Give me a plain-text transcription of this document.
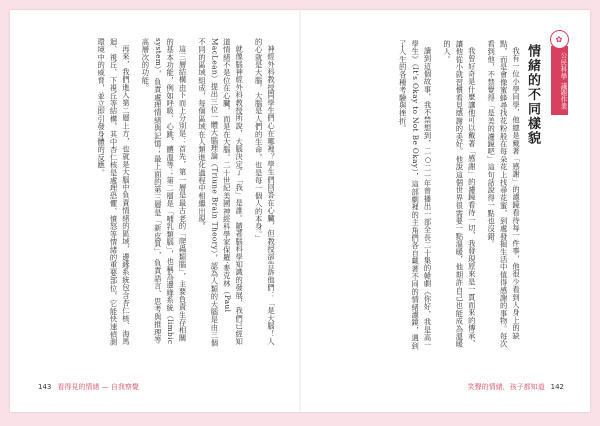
神經外科教授問學生們心在哪裡？學生們回答在心臟，但教授卻告訴他們：「是大腦！人的心就是大腦，大腦是人們的生命，也是每一個人的本身。」

就像腦神經外科教授所說，大腦決定了「我」是誰。隨著腦科學知識的發展，我們已經知道情緒不是位在心臟，而是在大腦。二十世紀美國神經科學家保羅·麥克林（Paul MacLean）提出三位一體大腦理論（Triune Brain Theory），認為人類的大腦是由三個不同的區域組成，每個區域在人類進化過程中相繼出現。

這三層結構由下而上分別是：首先，第一層是最古老的「爬蟲類腦」，主要負責生存相關的基本功能，例如呼吸、心跳、體溫等；第二層是「哺乳類腦」，也稱為邊緣系統（limbic system），負責處理情緒與記憶；最上面的第三層是「新皮質」，負責語言、思考與推理等高層次的功能。

再來，我們進入第二層上方，也就是大腦中負責情緒的區域，邊緣系統包含杏仁核、海馬迴、視丘、下視丘等結構，其中杏仁核是處理恐懼、憤怒等情緒的重要部位，它能快速偵測環境中的威脅，並立即引發身體的反應。

143 看得見的情緒 — 自我察覺
✿
公民科學 議題作業
情緒的不同樣貌

我有一位小學同學，他總是戴著「感謝」的濾鏡看待每一件事，他很少看到人身上的缺點，而是會像蜜蜂尋找花粉般在每朵花上找尋花蜜，到處發掘生活中值得感謝的事物。每次看到他，不禁覺得「是美的濾鏡吧」這句話說得一點也沒錯。

我曾好奇是什麼讓他可以戴著「感謝」的濾鏡看待一切，我發現原來是一貫而來的傳承，讓他從小就習慣看見感謝的美好。他說這個世界很需要一點溫暖，他期許自己也能成為溫暖的人。

讀到這個故事，我不禁想到，二○二一年曾播出一部全長二十集的韓劇《你好，我是高一學生》（It's Okay to Not Be Okay），這部劇裡的主角們各自戴著不同的情緒濾鏡，遇到了人生的各種考驗與挫折。

笑聲的情緒，孩子都知道 142
